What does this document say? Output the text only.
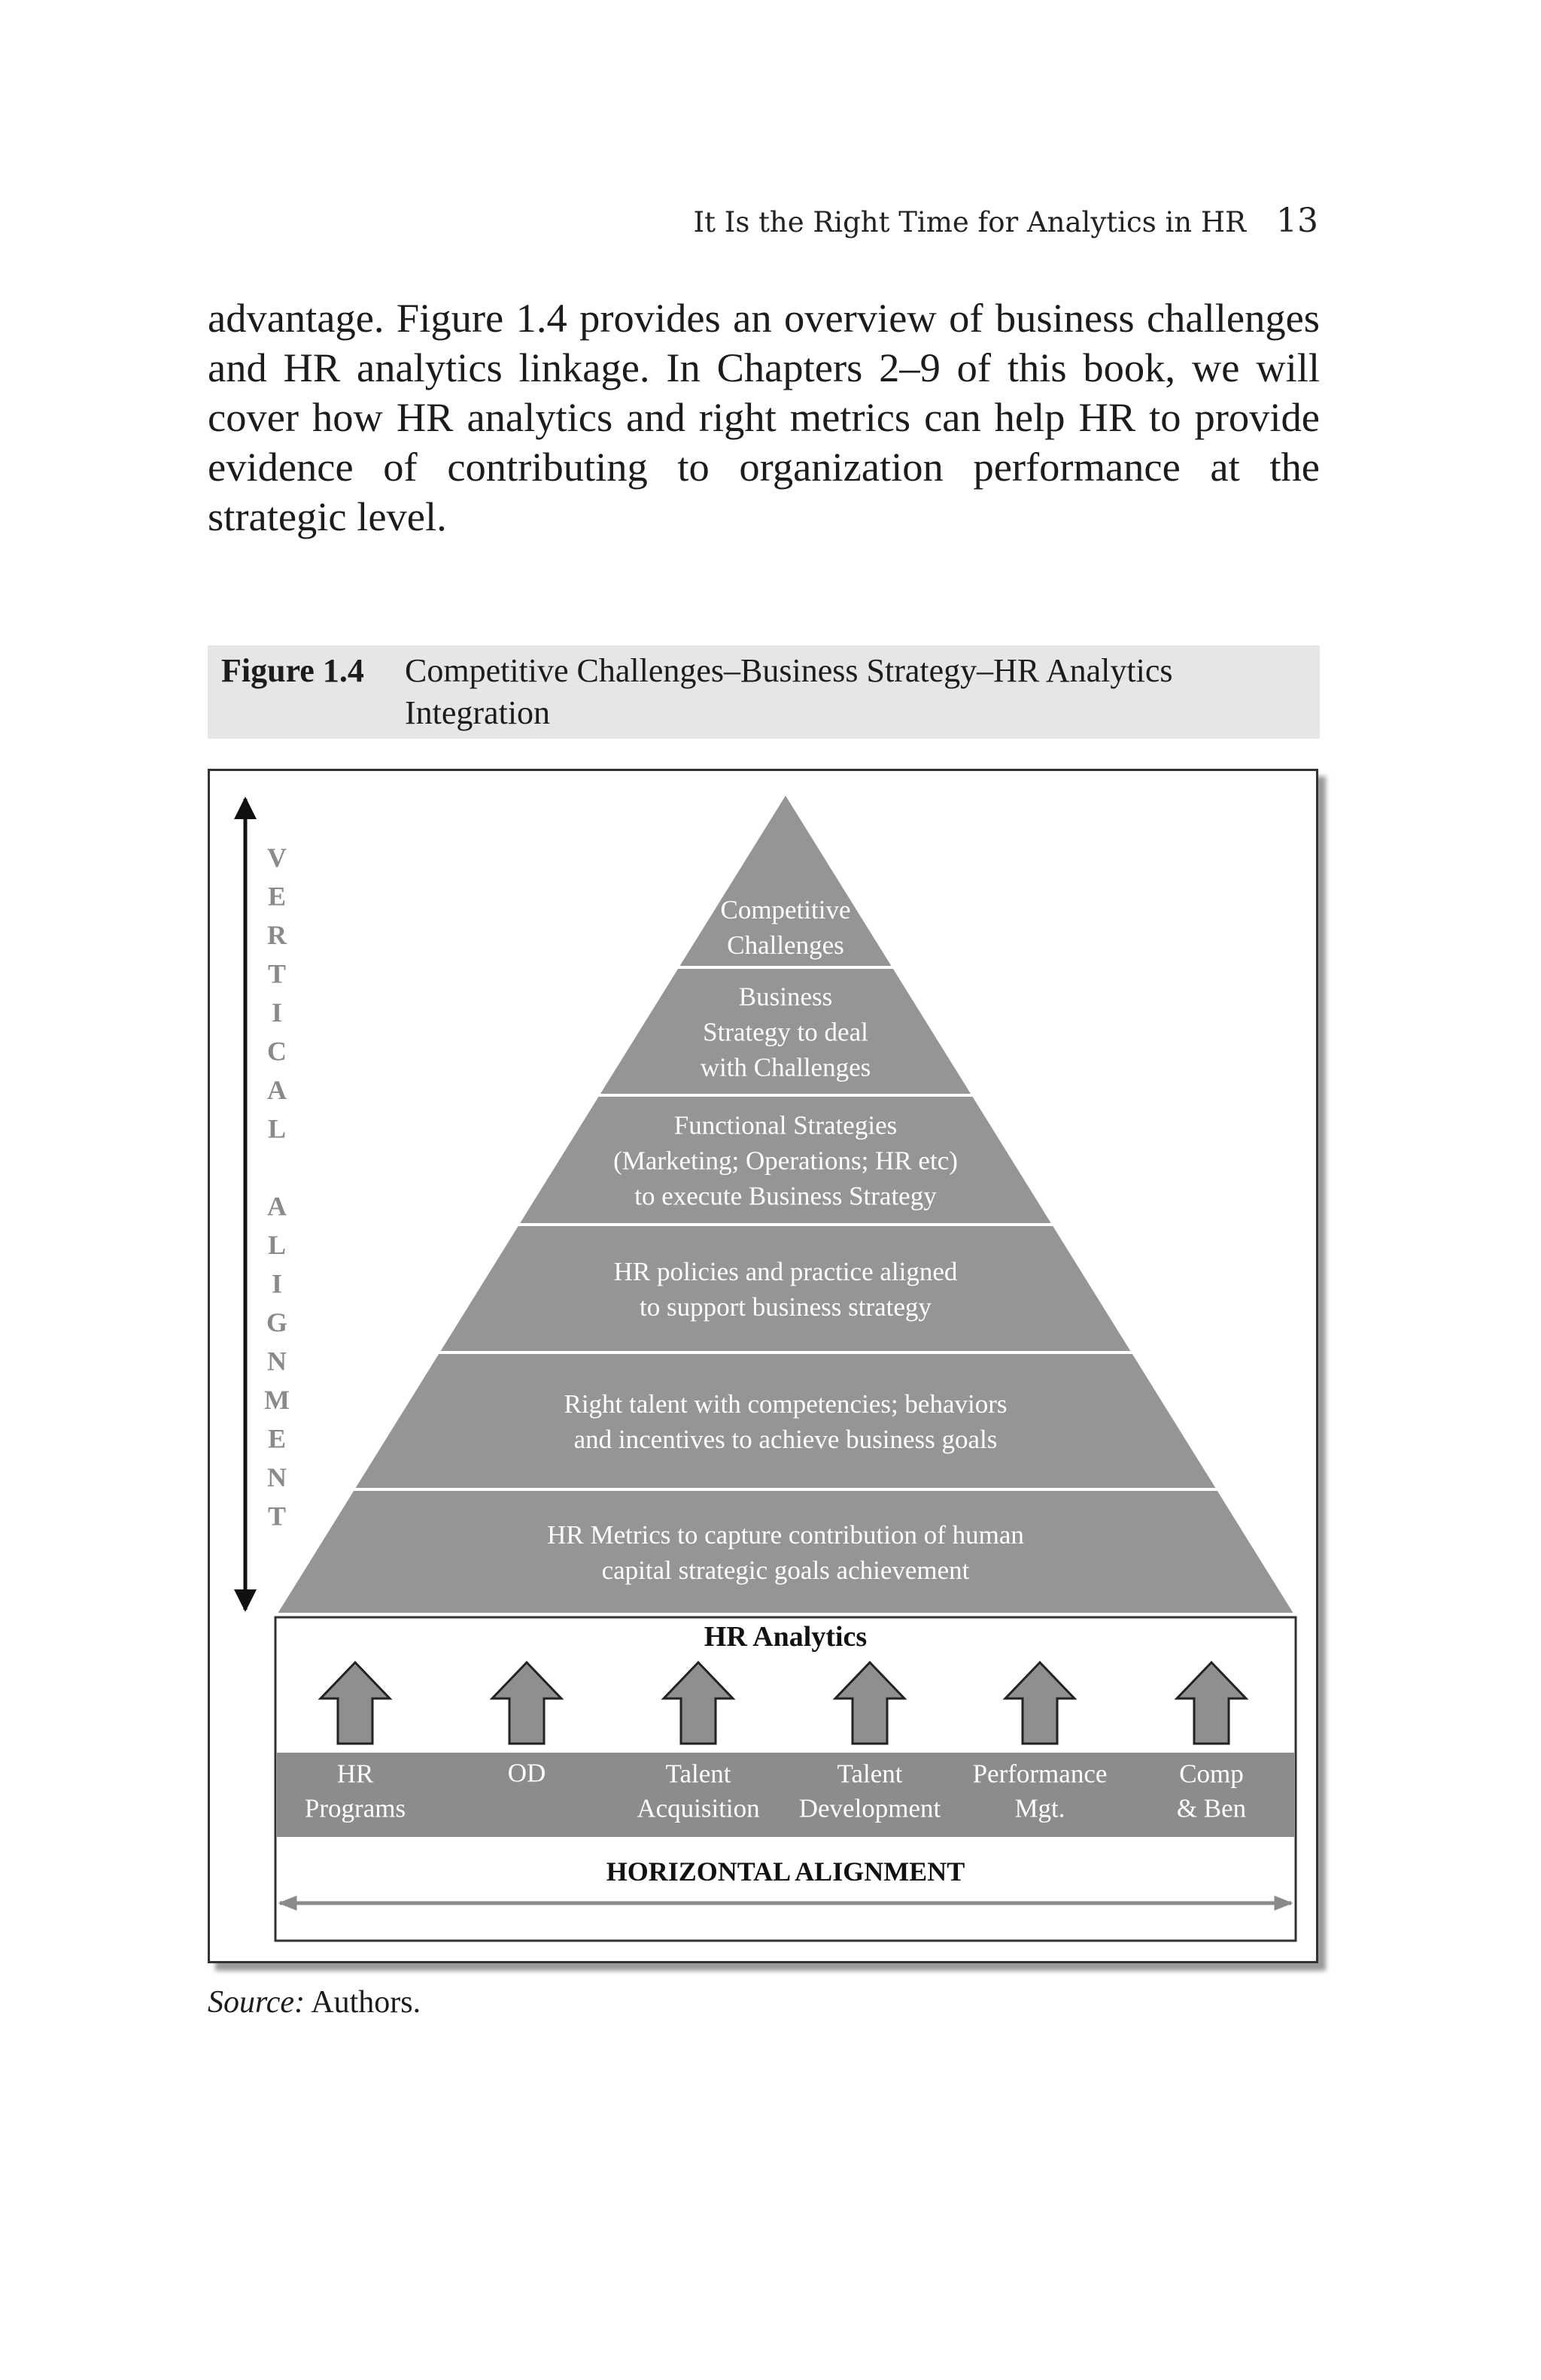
It Is the Right Time for Analytics in HR 13

advantage. Figure 1.4 provides an overview of business challenges and HR analytics linkage. In Chapters 2–9 of this book, we will cover how HR analytics and right metrics can help HR to provide evidence of contributing to organization performance at the strategic level.

Figure 1.4	Competitive Challenges–Business Strategy–HR Analytics Integration
V
E
R
T
I
C
A
L
A
L
I
G
N
M
E
N
T
Competitive
Challenges
Business
Strategy to deal
with Challenges
Functional Strategies
(Marketing; Operations; HR etc)
to execute Business Strategy
HR policies and practice aligned
to support business strategy
Right talent with competencies; behaviors
and incentives to achieve business goals
HR Metrics to capture contribution of human
capital strategic goals achievement
HR Analytics
HR
Programs
OD	Talent
Acquisition
Talent
Development
Performance
Mgt.
Comp
& Ben
HORIZONTAL ALIGNMENT
Source: Authors.
